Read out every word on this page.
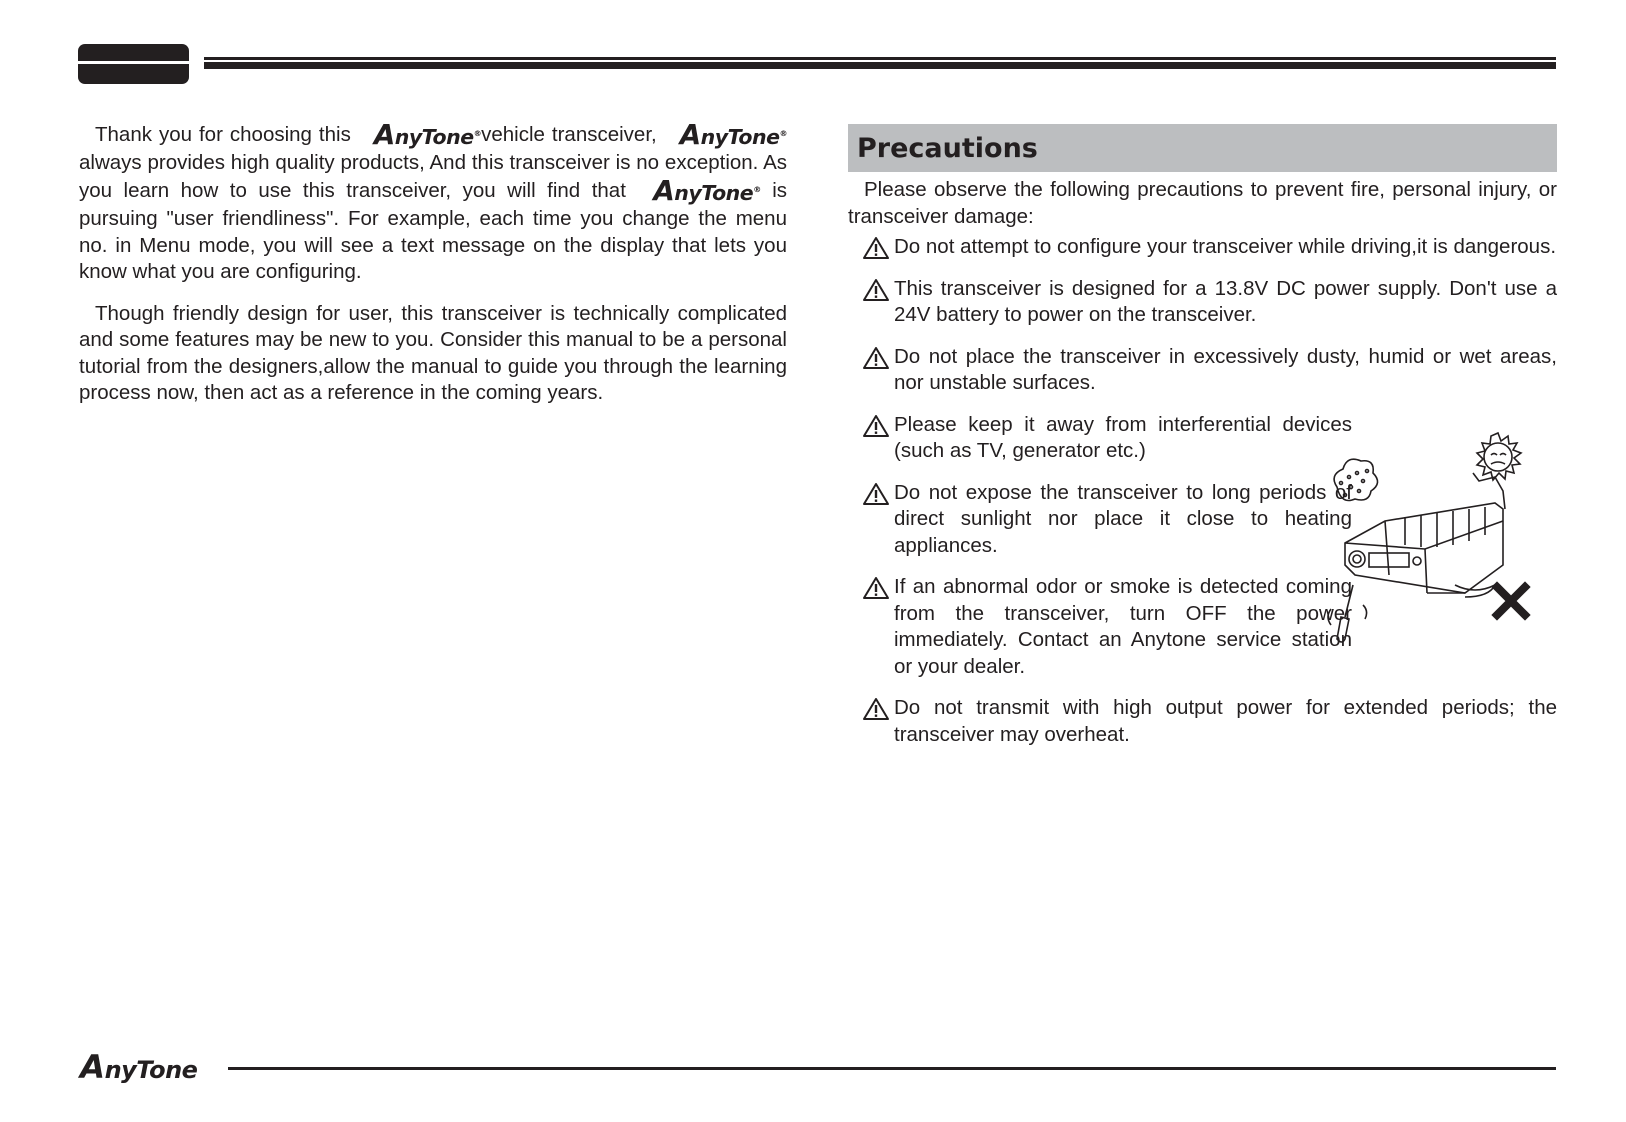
Thank you for choosing this AnyTone®vehicle transceiver, AnyTone® always provides high quality products, And this transceiver is no exception. As you learn how to use this transceiver, you will find that AnyTone® is pursuing "user friendliness". For example, each time you change the menu no. in Menu mode, you will see a text message on the display that lets you know what you are configuring.

Though friendly design for user, this transceiver is technically complicated and some features may be new to you. Consider this manual to be a personal tutorial from the designers,allow the manual to guide you through the learning process now, then act as a reference in the coming years.

Precautions

Please observe the following precautions to prevent fire, personal injury, or transceiver damage:

Do not attempt to configure your transceiver while driving,it is dangerous.
This transceiver is designed for a 13.8V DC power supply. Don't use a 24V battery to power on the transceiver.
Do not place the transceiver in excessively dusty, humid or wet areas, nor unstable surfaces.
Please keep it away from interferential devices (such as TV, generator etc.)
Do not expose the transceiver to long periods of direct sunlight nor place it close to heating appliances.
If an abnormal odor or smoke is detected coming from the transceiver, turn OFF the power immediately. Contact an Anytone service station or your dealer.
Do not transmit with high output power for extended periods; the transceiver may overheat.
AnyTone
